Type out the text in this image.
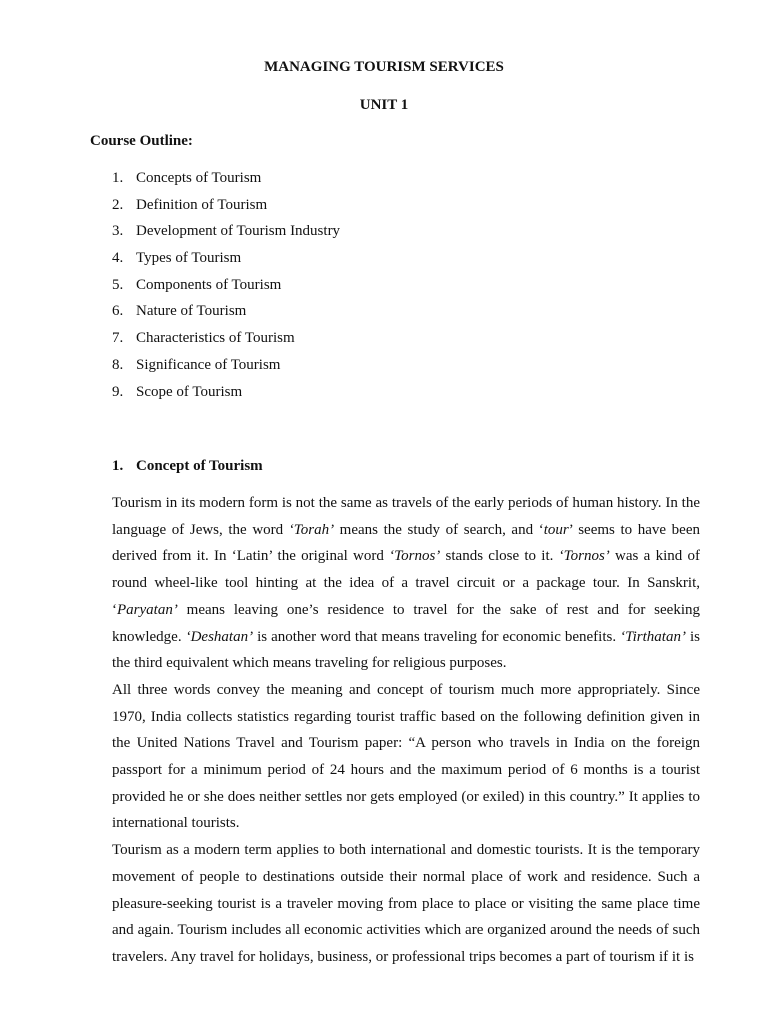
MANAGING TOURISM SERVICES
UNIT 1
Course Outline:
1. Concepts of Tourism
2. Definition of Tourism
3. Development of Tourism Industry
4. Types of Tourism
5. Components of Tourism
6. Nature of Tourism
7. Characteristics of Tourism
8. Significance of Tourism
9. Scope of Tourism
1. Concept of Tourism

Tourism in its modern form is not the same as travels of the early periods of human history. In the language of Jews, the word ‘Torah’ means the study of search, and ‘tour’ seems to have been derived from it. In ‘Latin’ the original word ‘Tornos’ stands close to it. ‘Tornos’ was a kind of round wheel-like tool hinting at the idea of a travel circuit or a package tour. In Sanskrit, ‘Paryatan’ means leaving one’s residence to travel for the sake of rest and for seeking knowledge. ‘Deshatan’ is another word that means traveling for economic benefits. ‘Tirthatan’ is the third equivalent which means traveling for religious purposes.

All three words convey the meaning and concept of tourism much more appropriately. Since 1970, India collects statistics regarding tourist traffic based on the following definition given in the United Nations Travel and Tourism paper: “A person who travels in India on the foreign passport for a minimum period of 24 hours and the maximum period of 6 months is a tourist provided he or she does neither settles nor gets employed (or exiled) in this country.” It applies to international tourists.

Tourism as a modern term applies to both international and domestic tourists. It is the temporary movement of people to destinations outside their normal place of work and residence. Such a pleasure-seeking tourist is a traveler moving from place to place or visiting the same place time and again. Tourism includes all economic activities which are organized around the needs of such travelers. Any travel for holidays, business, or professional trips becomes a part of tourism if it is
